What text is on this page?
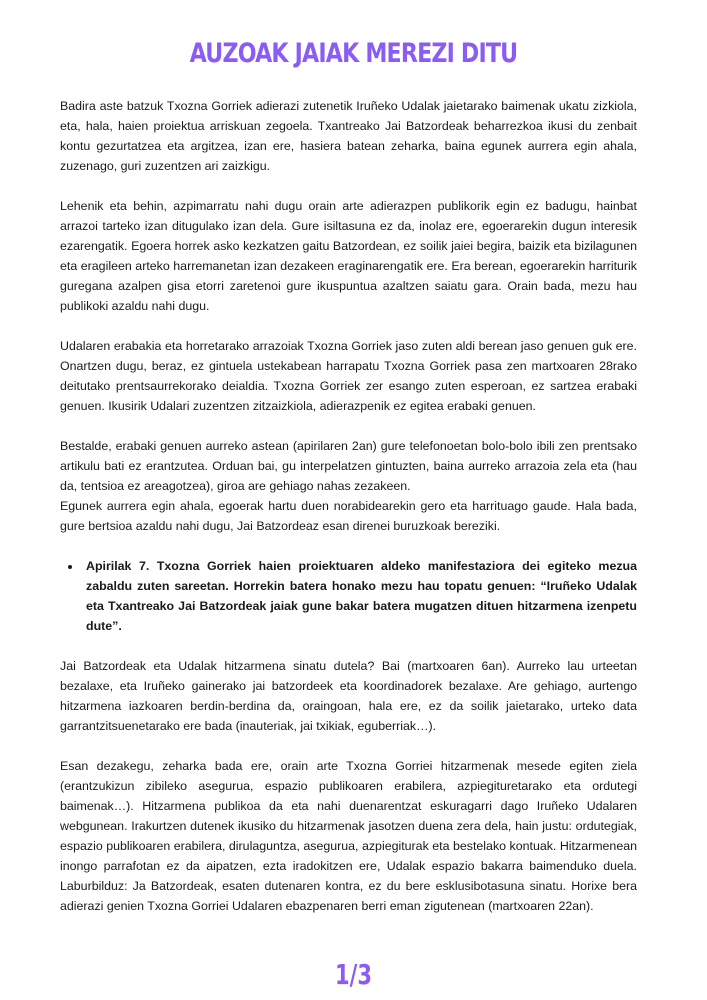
AUZOAK JAIAK MEREZI DITU

Badira aste batzuk Txozna Gorriek adierazi zutenetik Iruñeko Udalak jaietarako baimenak ukatu zizkiola, eta, hala, haien proiektua arriskuan zegoela. Txantreako Jai Batzordeak beharrezkoa ikusi du zenbait kontu gezurtatzea eta argitzea, izan ere, hasiera batean zeharka, baina egunek aurrera egin ahala, zuzenago, guri zuzentzen ari zaizkigu.

Lehenik eta behin, azpimarratu nahi dugu orain arte adierazpen publikorik egin ez badugu, hainbat arrazoi tarteko izan ditugulako izan dela. Gure isiltasuna ez da, inolaz ere, egoerarekin dugun interesik ezarengatik. Egoera horrek asko kezkatzen gaitu Batzordean, ez soilik jaiei begira, baizik eta bizilagunen eta eragileen arteko harremanetan izan dezakeen eraginarengatik ere. Era berean, egoerarekin harriturik guregana azalpen gisa etorri zaretenoi gure ikuspuntua azaltzen saiatu gara. Orain bada, mezu hau publikoki azaldu nahi dugu.

Udalaren erabakia eta horretarako arrazoiak Txozna Gorriek jaso zuten aldi berean jaso genuen guk ere. Onartzen dugu, beraz, ez gintuela ustekabean harrapatu Txozna Gorriek pasa zen martxoaren 28rako deitutako prentsaurrekorako deialdia. Txozna Gorriek zer esango zuten esperoan, ez sartzea erabaki genuen. Ikusirik Udalari zuzentzen zitzaizkiola, adierazpenik ez egitea erabaki genuen.

Bestalde, erabaki genuen aurreko astean (apirilaren 2an) gure telefonoetan bolo-bolo ibili zen prentsako artikulu bati ez erantzutea. Orduan bai, gu interpelatzen gintuzten, baina aurreko arrazoia zela eta (hau da, tentsioa ez areagotzea), giroa are gehiago nahas zezakeen.

Egunek aurrera egin ahala, egoerak hartu duen norabidearekin gero eta harrituago gaude. Hala bada, gure bertsioa azaldu nahi dugu, Jai Batzordeaz esan direnei buruzkoak bereziki.

• Apirilak 7. Txozna Gorriek haien proiektuaren aldeko manifestaziora dei egiteko mezua zabaldu zuten sareetan. Horrekin batera honako mezu hau topatu genuen: “Iruñeko Udalak eta Txantreako Jai Batzordeak jaiak gune bakar batera mugatzen dituen hitzarmena izenpetu dute”.

Jai Batzordeak eta Udalak hitzarmena sinatu dutela? Bai (martxoaren 6an). Aurreko lau urteetan bezalaxe, eta Iruñeko gainerako jai batzordeek eta koordinadorek bezalaxe. Are gehiago, aurtengo hitzarmena iazkoaren berdin-berdina da, oraingoan, hala ere, ez da soilik jaietarako, urteko data garrantzitsuenetarako ere bada (inauteriak, jai txikiak, eguberriak…).

Esan dezakegu, zeharka bada ere, orain arte Txozna Gorriei hitzarmenak mesede egiten ziela (erantzukizun zibileko asegurua, espazio publikoaren erabilera, azpiegituretarako eta ordutegi baimenak…). Hitzarmena publikoa da eta nahi duenarentzat eskuragarri dago Iruñeko Udalaren webgunean. Irakurtzen dutenek ikusiko du hitzarmenak jasotzen duena zera dela, hain justu: ordutegiak, espazio publikoaren erabilera, dirulaguntza, asegurua, azpiegiturak eta bestelako kontuak. Hitzarmenean inongo parrafotan ez da aipatzen, ezta iradokitzen ere, Udalak espazio bakarra baimenduko duela. Laburbilduz: Ja Batzordeak, esaten dutenaren kontra, ez du bere esklusibotasuna sinatu. Horixe bera adierazi genien Txozna Gorriei Udalaren ebazpenaren berri eman zigutenean (martxoaren 22an).

1/3
